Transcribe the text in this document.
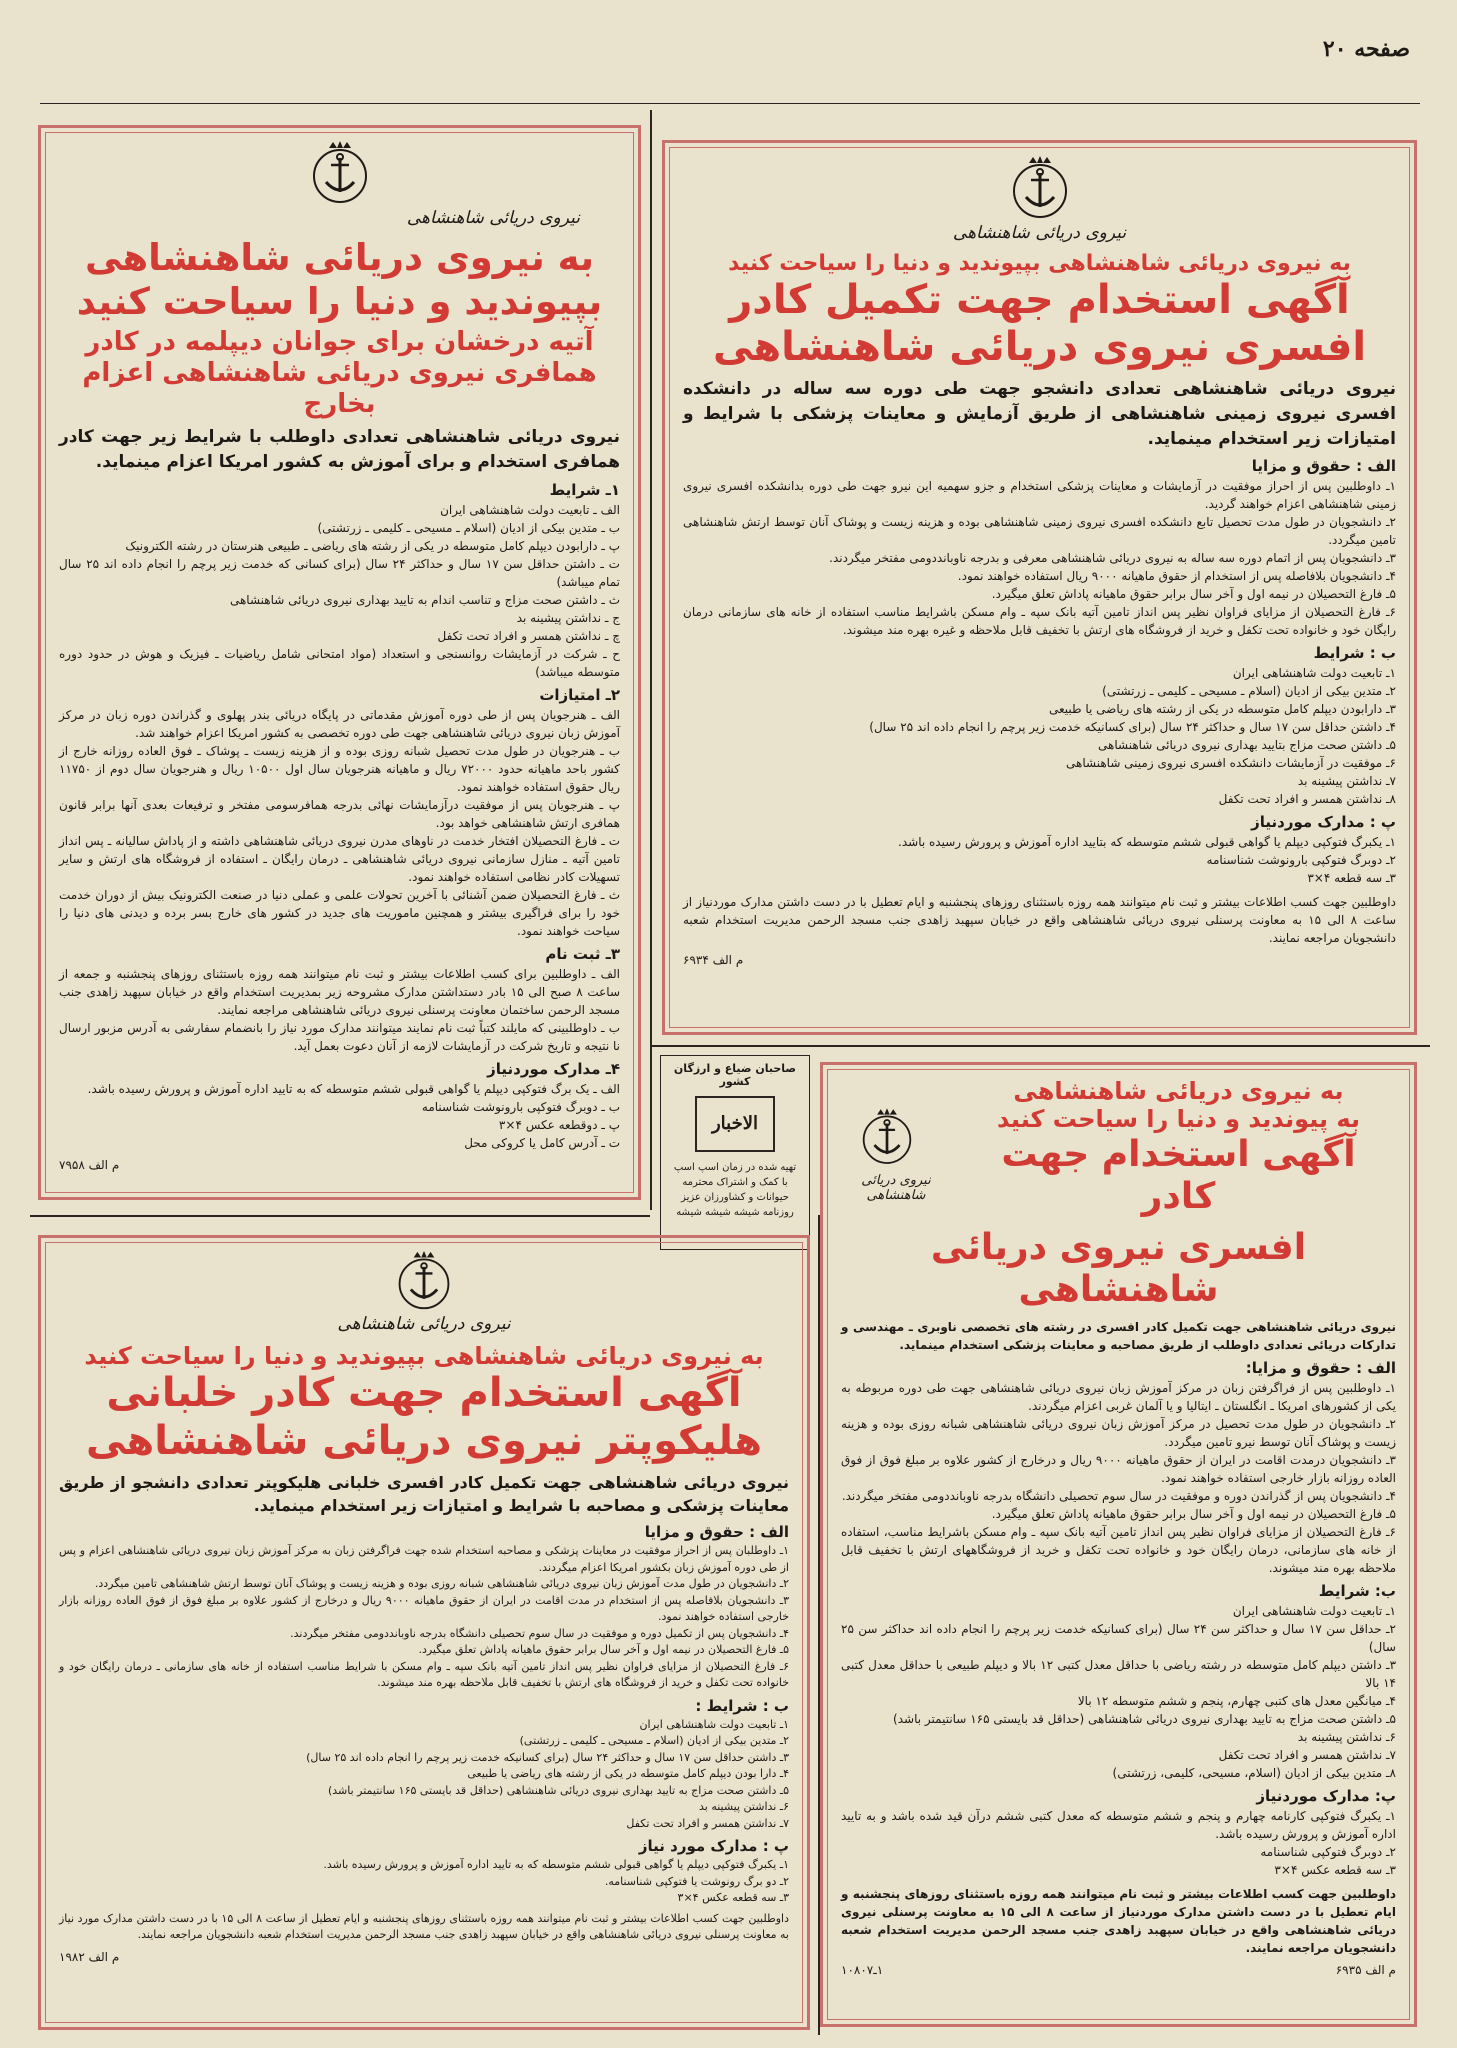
صفحه ۲۰
نیروی دریائی شاهنشاهی
به نیروی دریائی شاهنشاهی
بپیوندید و دنیا را سیاحت کنید
آتیه درخشان برای جوانان دیپلمه در کادر
همافری نیروی دریائی شاهنشاهی اعزام بخارج
نیروی دریائی شاهنشاهی تعدادی داوطلب با شرایط زیر جهت کادر همافری استخدام و برای آموزش به کشور امریکا اعزام مینماید.
۱ـ شرایط
الف ـ تابعیت دولت شاهنشاهی ایران
ب ـ متدین بیکی از ادیان (اسلام ـ مسیحی ـ کلیمی ـ زرتشتی)
پ ـ دارابودن دیپلم کامل متوسطه در یکی از رشته های ریاضی ـ طبیعی هنرستان در رشته الکترونیک
ت ـ داشتن حداقل سن ۱۷ سال و حداکثر ۲۴ سال (برای کسانی که خدمت زیر پرچم را انجام داده اند ۲۵ سال تمام میباشد)
ث ـ داشتن صحت مزاج و تناسب اندام به تایید بهداری نیروی دریائی شاهنشاهی
ج ـ نداشتن پیشینه بد
چ ـ نداشتن همسر و افراد تحت تکفل
ح ـ شرکت در آزمایشات روانسنجی و استعداد (مواد امتحانی شامل ریاضیات ـ فیزیک و هوش در حدود دوره متوسطه میباشد)
۲ـ امتیازات
الف ـ هنرجویان پس از طی دوره آموزش مقدماتی در پایگاه دریائی بندر پهلوی و گذراندن دوره زبان در مرکز آموزش زبان نیروی دریائی شاهنشاهی جهت طی دوره تخصصی به کشور امریکا اعزام خواهند شد.
ب ـ هنرجویان در طول مدت تحصیل شبانه روزی بوده و از هزینه زیست ـ پوشاک ـ فوق العاده روزانه خارج از کشور باحد ماهیانه حدود ۷۲۰۰۰ ریال و ماهیانه هنرجویان سال اول ۱۰۵۰۰ ریال و هنرجویان سال دوم از ۱۱۷۵۰ ریال حقوق استفاده خواهند نمود.
پ ـ هنرجویان پس از موفقیت درآزمایشات نهائی بدرجه همافرسومی مفتخر و ترفیعات بعدی آنها برابر قانون همافری ارتش شاهنشاهی خواهد بود.
ت ـ فارغ التحصیلان افتخار خدمت در ناوهای مدرن نیروی دریائی شاهنشاهی داشته و از پاداش سالیانه ـ پس انداز تامین آتیه ـ منازل سازمانی نیروی دریائی شاهنشاهی ـ درمان رایگان ـ استفاده از فروشگاه های ارتش و سایر تسهیلات کادر نظامی استفاده خواهند نمود.
ث ـ فارغ التحصیلان ضمن آشنائی با آخرین تحولات علمی و عملی دنیا در صنعت الکترونیک بیش از دوران خدمت خود را برای فراگیری بیشتر و همچنین ماموریت های جدید در کشور های خارج بسر برده و دیدنی های دنیا را سیاحت خواهند نمود.
۳ـ ثبت نام
الف ـ داوطلبین برای کسب اطلاعات بیشتر و ثبت نام میتوانند همه روزه باستثنای روزهای پنجشنبه و جمعه از ساعت ۸ صبح الی ۱۵ بادر دستداشتن مدارک مشروحه زیر بمدیریت استخدام واقع در خیابان سپهبد زاهدی جنب مسجد الرحمن ساختمان معاونت پرسنلی نیروی دریائی شاهنشاهی مراجعه نمایند.
ب ـ داوطلبینی که مایلند کتباً ثبت نام نمایند میتوانند مدارک مورد نیاز را بانضمام سفارشی به آدرس مزبور ارسال نا نتیجه و تاریخ شرکت در آزمایشات لازمه از آنان دعوت بعمل آید.
۴ـ مدارک موردنیاز
الف ـ یک برگ فتوکپی دیپلم یا گواهی قبولی ششم متوسطه که به تایید اداره آموزش و پرورش رسیده باشد.
ب ـ دوبرگ فتوکپی بارونوشت شناسنامه
پ ـ دوقطعه عکس ۴×۳
ت ـ آدرس کامل یا کروکی محل
م الف ۷۹۵۸
نیروی دریائی شاهنشاهی
به نیروی دریائی شاهنشاهی بپیوندید و دنیا را سیاحت کنید
آگهی استخدام جهت تکمیل کادر
افسری نیروی دریائی شاهنشاهی
نیروی دریائی شاهنشاهی تعدادی دانشجو جهت طی دوره سه ساله در دانشکده افسری نیروی زمینی شاهنشاهی از طریق آزمایش و معاینات پزشکی با شرایط و امتیازات زیر استخدام مینماید.
الف : حقوق و مزایا
۱ـ داوطلبین پس از احراز موفقیت در آزمایشات و معاینات پزشکی استخدام و جزو سهمیه این نیرو جهت طی دوره بدانشکده افسری نیروی زمینی شاهنشاهی اعزام خواهند گردید.
۲ـ دانشجویان در طول مدت تحصیل تابع دانشکده افسری نیروی زمینی شاهنشاهی بوده و هزینه زیست و پوشاک آنان توسط ارتش شاهنشاهی تامین میگردد.
۳ـ دانشجویان پس از اتمام دوره سه ساله به نیروی دریائی شاهنشاهی معرفی و بدرجه ناوبانددومی مفتخر میگردند.
۴ـ دانشجویان بلافاصله پس از استخدام از حقوق ماهیانه ۹۰۰۰ ریال استفاده خواهند نمود.
۵ـ فارغ التحصیلان در نیمه اول و آخر سال برابر حقوق ماهیانه پاداش تعلق میگیرد.
۶ـ فارغ التحصیلان از مزایای فراوان نظیر پس انداز تامین آتیه بانک سپه ـ وام مسکن باشرایط مناسب استفاده از خانه های سازمانی درمان رایگان خود و خانواده تحت تکفل و خرید از فروشگاه های ارتش با تخفیف قابل ملاحظه و غیره بهره مند میشوند.
ب : شرایط
۱ـ تابعیت دولت شاهنشاهی ایران
۲ـ متدین بیکی از ادیان (اسلام ـ مسیحی ـ کلیمی ـ زرتشتی)
۳ـ دارابودن دیپلم کامل متوسطه در یکی از رشته های ریاضی یا طبیعی
۴ـ داشتن حداقل سن ۱۷ سال و حداکثر ۲۴ سال (برای کسانیکه خدمت زیر پرچم را انجام داده اند ۲۵ سال)
۵ـ داشتن صحت مزاج بتایید بهداری نیروی دریائی شاهنشاهی
۶ـ موفقیت در آزمایشات دانشکده افسری نیروی زمینی شاهنشاهی
۷ـ نداشتن پیشینه بد
۸ـ نداشتن همسر و افراد تحت تکفل
پ : مدارک موردنیاز
۱ـ یکبرگ فتوکپی دیپلم یا گواهی قبولی ششم متوسطه که بتایید اداره آموزش و پرورش رسیده باشد.
۲ـ دوبرگ فتوکپی بارونوشت شناسنامه
۳ـ سه قطعه ۴×۳
داوطلبین جهت کسب اطلاعات بیشتر و ثبت نام میتوانند همه روزه باستثنای روزهای پنجشنبه و ایام تعطیل با در دست داشتن مدارک موردنیاز از ساعت ۸ الی ۱۵ به معاونت پرسنلی نیروی دریائی شاهنشاهی واقع در خیابان سپهبد زاهدی جنب مسجد الرحمن مدیریت استخدام شعبه دانشجویان مراجعه نمایند.
م الف ۶۹۳۴
صاحبان ضیاع و ارزگان کشور
الاخبار
تهیه شده در زمان اسپ اسپ
با کمک و اشتراک محترمه
حیوانات و کشاورزان عزیز
روزنامه شیشه شیشه شیشه
نیروی دریائی شاهنشاهی
به نیروی دریائی شاهنشاهی
به پیوندید و دنیا را سیاحت کنید
آگهی استخدام جهت کادر
افسری نیروی دریائی شاهنشاهی
نیروی دریائی شاهنشاهی جهت تکمیل کادر افسری در رشته های تخصصی ناوبری ـ مهندسی و تدارکات دریائی تعدادی داوطلب از طریق مصاحبه و معاینات پزشکی استخدام مینماید.
الف : حقوق و مزایا:
۱ـ داوطلبین پس از فراگرفتن زبان در مرکز آموزش زبان نیروی دریائی شاهنشاهی جهت طی دوره مربوطه به یکی از کشورهای امریکا ـ انگلستان ـ ایتالیا و یا آلمان غربی اعزام میگردند.
۲ـ دانشجویان در طول مدت تحصیل در مرکز آموزش زبان نیروی دریائی شاهنشاهی شبانه روزی بوده و هزینه زیست و پوشاک آنان توسط نیرو تامین میگردد.
۳ـ دانشجویان درمدت اقامت در ایران از حقوق ماهیانه ۹۰۰۰ ریال و درخارج از کشور علاوه بر مبلغ فوق از فوق العاده روزانه بازار خارجی استفاده خواهند نمود.
۴ـ دانشجویان پس از گذراندن دوره و موفقیت در سال سوم تحصیلی دانشگاه بدرجه ناوبانددومی مفتخر میگردند.
۵ـ فارغ التحصیلان در نیمه اول و آخر سال برابر حقوق ماهیانه پاداش تعلق میگیرد.
۶ـ فارغ التحصیلان از مزایای فراوان نظیر پس انداز تامین آتیه بانک سپه ـ وام مسکن باشرایط مناسب، استفاده از خانه های سازمانی، درمان رایگان خود و خانواده تحت تکفل و خرید از فروشگاههای ارتش با تخفیف قابل ملاحظه بهره مند میشوند.
ب: شرایط
۱ـ تابعیت دولت شاهنشاهی ایران
۲ـ حداقل سن ۱۷ سال و حداکثر سن ۲۴ سال (برای کسانیکه خدمت زیر پرچم را انجام داده اند حداکثر سن ۲۵ سال)
۳ـ داشتن دیپلم کامل متوسطه در رشته ریاضی با حداقل معدل کتبی ۱۲ بالا و دیپلم طبیعی با حداقل معدل کتبی ۱۴ بالا
۴ـ میانگین معدل های کتبی چهارم، پنجم و ششم متوسطه ۱۲ بالا
۵ـ داشتن صحت مزاج به تایید بهداری نیروی دریائی شاهنشاهی (حداقل قد بایستی ۱۶۵ سانتیمتر باشد)
۶ـ نداشتن پیشینه بد
۷ـ نداشتن همسر و افراد تحت تکفل
۸ـ متدین بیکی از ادیان (اسلام، مسیحی، کلیمی، زرتشتی)
پ: مدارک موردنیاز
۱ـ یکبرگ فتوکپی کارنامه چهارم و پنجم و ششم متوسطه که معدل کتبی ششم درآن قید شده باشد و به تایید اداره آموزش و پرورش رسیده باشد.
۲ـ دوبرگ فتوکپی شناسنامه
۳ـ سه قطعه عکس ۴×۳
داوطلبین جهت کسب اطلاعات بیشتر و ثبت نام میتوانند همه روزه باستثنای روزهای پنجشنبه و ایام تعطیل با در دست داشتن مدارک موردنیاز از ساعت ۸ الی ۱۵ به معاونت پرسنلی نیروی دریائی شاهنشاهی واقع در خیابان سپهبد زاهدی جنب مسجد الرحمن مدیریت استخدام شعبه دانشجویان مراجعه نمایند.
م الف ۶۹۳۵
۱ـ۱۰۸۰۷
نیروی دریائی شاهنشاهی
به نیروی دریائی شاهنشاهی بپیوندید و دنیا را سیاحت کنید
آگهی استخدام جهت کادر خلبانی
هلیکوپتر نیروی دریائی شاهنشاهی
نیروی دریائی شاهنشاهی جهت تکمیل کادر افسری خلبانی هلیکوپتر تعدادی دانشجو از طریق معاینات پزشکی و مصاحبه با شرایط و امتیازات زیر استخدام مینماید.
الف : حقوق و مزایا
۱ـ داوطلبان پس از احراز موفقیت در معاینات پزشکی و مصاحبه استخدام شده جهت فراگرفتن زبان به مرکز آموزش زبان نیروی دریائی شاهنشاهی اعزام و پس از طی دوره آموزش زبان بکشور امریکا اعزام میگردند.
۲ـ دانشجویان در طول مدت آموزش زبان نیروی دریائی شاهنشاهی شبانه روزی بوده و هزینه زیست و پوشاک آنان توسط ارتش شاهنشاهی تامین میگردد.
۳ـ دانشجویان بلافاصله پس از استخدام در مدت اقامت در ایران از حقوق ماهیانه ۹۰۰۰ ریال و درخارج از کشور علاوه بر مبلغ فوق از فوق العاده روزانه بازار خارجی استفاده خواهند نمود.
۴ـ دانشجویان پس از تکمیل دوره و موفقیت در سال سوم تحصیلی دانشگاه بدرجه ناوبانددومی مفتخر میگردند.
۵ـ فارغ التحصیلان در نیمه اول و آخر سال برابر حقوق ماهیانه پاداش تعلق میگیرد.
۶ـ فارغ التحصیلان از مزایای فراوان نظیر پس انداز تامین آتیه بانک سپه ـ وام مسکن با شرایط مناسب استفاده از خانه های سازمانی ـ درمان رایگان خود و خانواده تحت تکفل و خرید از فروشگاه های ارتش با تخفیف قابل ملاحظه بهره مند میشوند.
ب : شرایط :
۱ـ تابعیت دولت شاهنشاهی ایران
۲ـ متدین بیکی از ادیان (اسلام ـ مسیحی ـ کلیمی ـ زرتشتی)
۳ـ داشتن حداقل سن ۱۷ سال و حداکثر ۲۴ سال (برای کسانیکه خدمت زیر پرچم را انجام داده اند ۲۵ سال)
۴ـ دارا بودن دیپلم کامل متوسطه در یکی از رشته های ریاضی یا طبیعی
۵ـ داشتن صحت مزاج به تایید بهداری نیروی دریائی شاهنشاهی (حداقل قد بایستی ۱۶۵ سانتیمتر باشد)
۶ـ نداشتن پیشینه بد
۷ـ نداشتن همسر و افراد تحت تکفل
پ : مدارک مورد نیاز
۱ـ یکبرگ فتوکپی دیپلم یا گواهی قبولی ششم متوسطه که به تایید اداره آموزش و پرورش رسیده باشد.
۲ـ دو برگ رونوشت یا فتوکپی شناسنامه.
۳ـ سه قطعه عکس ۴×۳
داوطلبین جهت کسب اطلاعات بیشتر و ثبت نام میتوانند همه روزه باستثنای روزهای پنجشنبه و ایام تعطیل از ساعت ۸ الی ۱۵ با در دست داشتن مدارک مورد نیاز به معاونت پرسنلی نیروی دریائی شاهنشاهی واقع در خیابان سپهبد زاهدی جنب مسجد الرحمن مدیریت استخدام شعبه دانشجویان مراجعه نمایند.
م الف ۱۹۸۲
